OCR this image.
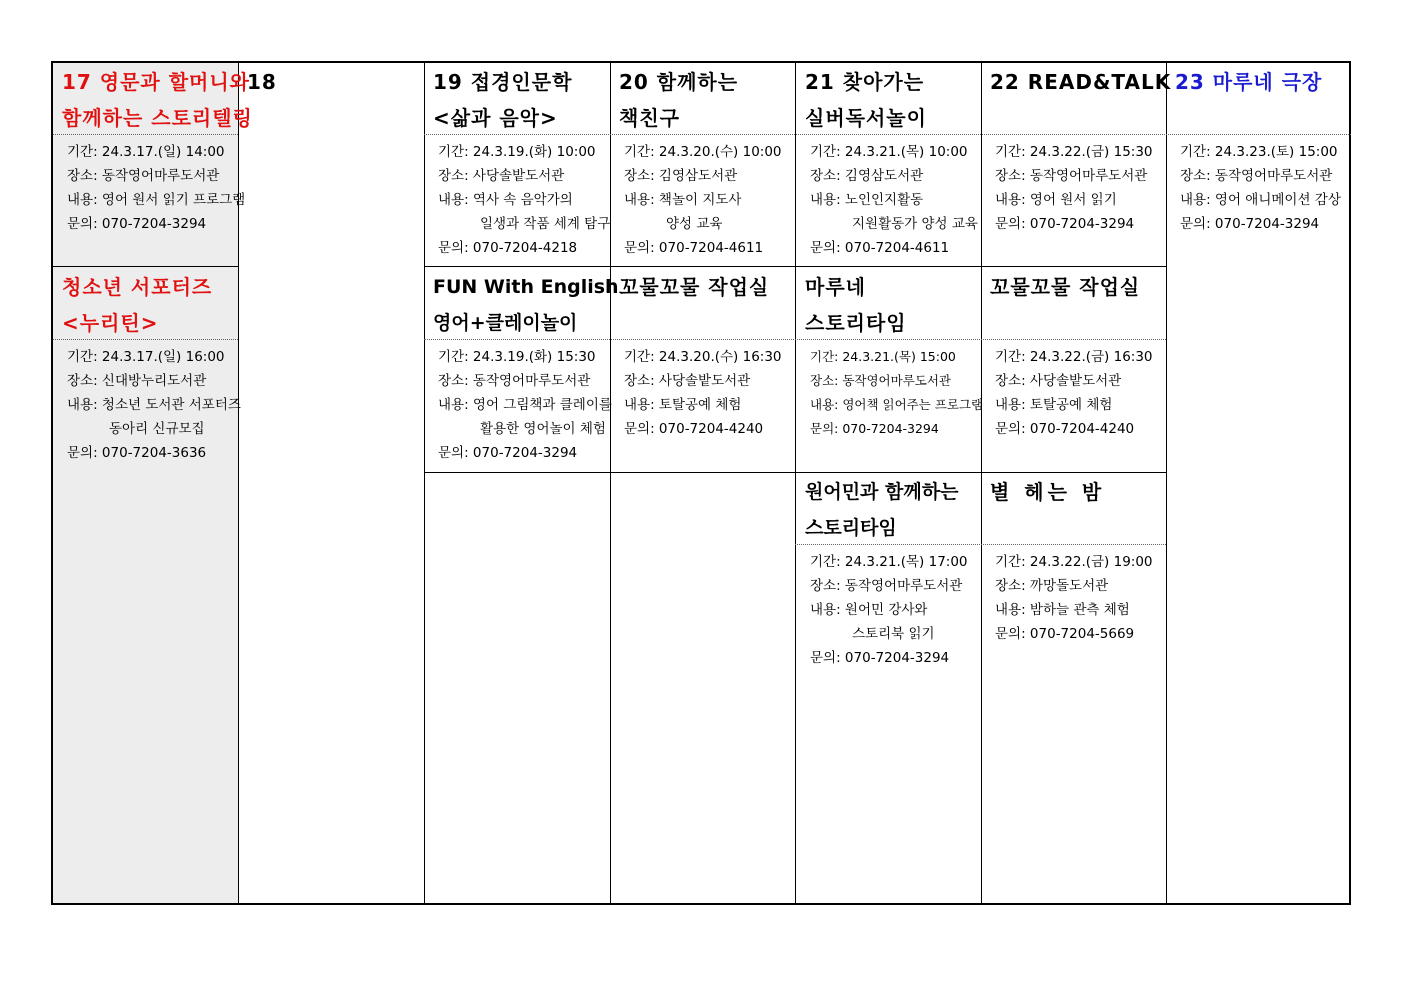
17 영문과 할머니와
함께하는 스토리텔링
기간: 24.3.17.(일) 14:00
장소: 동작영어마루도서관
내용: 영어 원서 읽기 프로그램
문의: 070-7204-3294
청소년 서포터즈
<누리틴>
기간: 24.3.17.(일) 16:00
장소: 신대방누리도서관
내용: 청소년 도서관 서포터즈
동아리 신규모집
문의: 070-7204-3636
18	19 접경인문학
<삶과 음악>
기간: 24.3.19.(화) 10:00
장소: 사당솔밭도서관
내용: 역사 속 음악가의
일생과 작품 세계 탐구
문의: 070-7204-4218
FUN With English
영어+클레이놀이
기간: 24.3.19.(화) 15:30
장소: 동작영어마루도서관
내용: 영어 그림책과 클레이를
활용한 영어놀이 체험
문의: 070-7204-3294
20 함께하는
책친구
기간: 24.3.20.(수) 10:00
장소: 김영삼도서관
내용: 책놀이 지도사
양성 교육
문의: 070-7204-4611
꼬물꼬물 작업실
기간: 24.3.20.(수) 16:30
장소: 사당솔밭도서관
내용: 토탈공예 체험
문의: 070-7204-4240
21 찾아가는
실버독서놀이
기간: 24.3.21.(목) 10:00
장소: 김영삼도서관
내용: 노인인지활동
지원활동가 양성 교육
문의: 070-7204-4611
마루네
스토리타임
기간: 24.3.21.(목) 15:00
장소: 동작영어마루도서관
내용: 영어책 읽어주는 프로그램
문의: 070-7204-3294
원어민과 함께하는
스토리타임
기간: 24.3.21.(목) 17:00
장소: 동작영어마루도서관
내용: 원어민 강사와
스토리북 읽기
문의: 070-7204-3294
22 READ&TALK
기간: 24.3.22.(금) 15:30
장소: 동작영어마루도서관
내용: 영어 원서 읽기
문의: 070-7204-3294
꼬물꼬물 작업실
기간: 24.3.22.(금) 16:30
장소: 사당솔밭도서관
내용: 토탈공예 체험
문의: 070-7204-4240
별 헤는 밤
기간: 24.3.22.(금) 19:00
장소: 까망돌도서관
내용: 밤하늘 관측 체험
문의: 070-7204-5669
23 마루네 극장
기간: 24.3.23.(토) 15:00
장소: 동작영어마루도서관
내용: 영어 애니메이션 감상
문의: 070-7204-3294
